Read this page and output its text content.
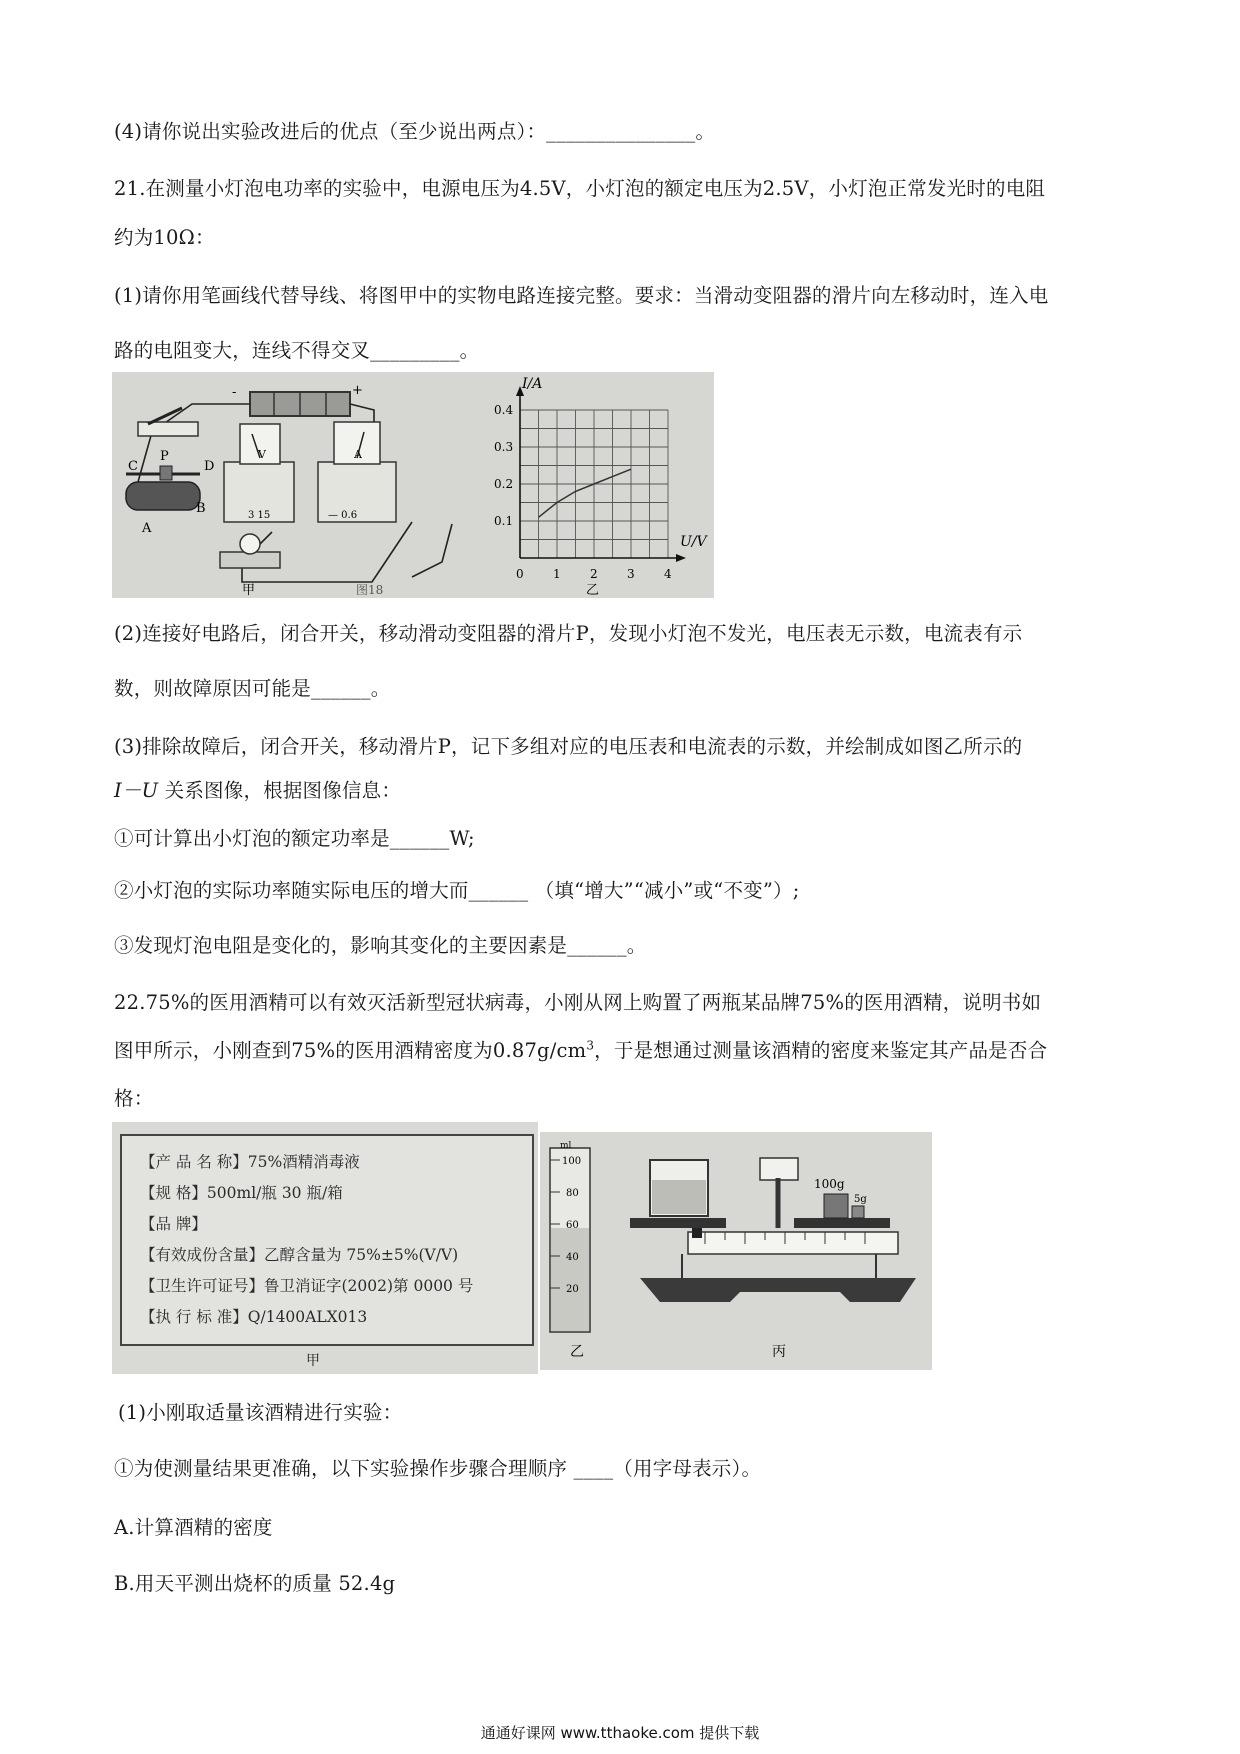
(4)请你说出实验改进后的优点（至少说出两点）：_______________。
21.在测量小灯泡电功率的实验中，电源电压为4.5V，小灯泡的额定电压为2.5V，小灯泡正常发光时的电阻
约为10Ω：
(1)请你用笔画线代替导线、将图甲中的实物电路连接完整。要求：当滑动变阻器的滑片向左移动时，连入电
路的电阻变大，连线不得交叉_________。
-	+
C
P
D
A
B
V
3 15
A
— 0.6
甲	图18
I/A
U/V
0 1 2 3 4
0.1
0.2
0.3
0.4
乙
(2)连接好电路后，闭合开关，移动滑动变阻器的滑片P，发现小灯泡不发光，电压表无示数，电流表有示
数，则故障原因可能是______。
(3)排除故障后，闭合开关，移动滑片P，记下多组对应的电压表和电流表的示数，并绘制成如图乙所示的
I－U 关系图像，根据图像信息：
①可计算出小灯泡的额定功率是______W;
②小灯泡的实际功率随实际电压的增大而______ （填“增大”“减小”或“不变”）;
③发现灯泡电阻是变化的，影响其变化的主要因素是______。
22.75%的医用酒精可以有效灭活新型冠状病毒，小刚从网上购置了两瓶某品牌75%的医用酒精，说明书如
图甲所示，小刚查到75%的医用酒精密度为$0.87g/cm^3$，于是想通过测量该酒精的密度来鉴定其产品是否合
格：
【产 品 名 称】75%酒精消毒液
【规 格】500ml/瓶 30 瓶/箱
【品 牌】
【有效成份含量】乙醇含量为 75%±5%(V/V)
【卫生许可证号】鲁卫消证字(2002)第 0000 号
【执 行 标 准】Q/1400ALX013
甲
ml
100
80
60
40
20
乙
100g
5g
丙
(1)小刚取适量该酒精进行实验：
①为使测量结果更准确，以下实验操作步骤合理顺序 ____（用字母表示）。
A.计算酒精的密度
B.用天平测出烧杯的质量 52.4g
通通好课网 www.tthaoke.com 提供下载
